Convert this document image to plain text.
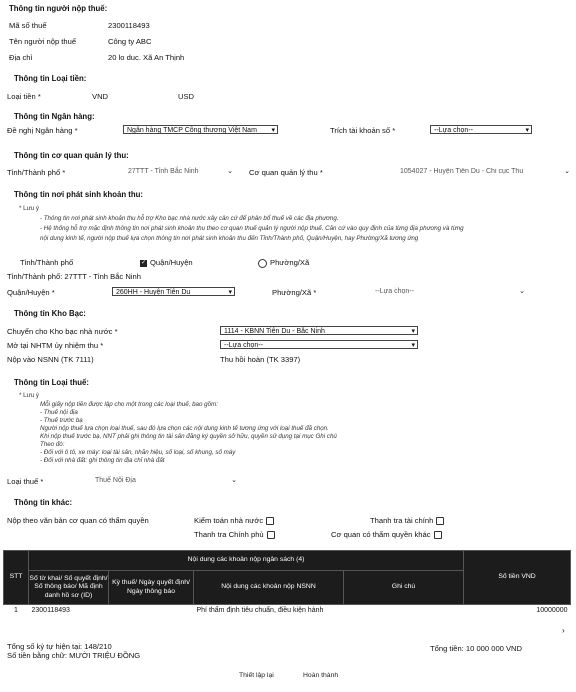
Thông tin người nộp thuế:
Mã số thuế	2300118493
Tên người nộp thuế	Công ty ABC
Địa chỉ	20 lo duc. Xã An Thịnh
Thông tin Loại tiền:
Loại tiền *	VND	USD
Thông tin Ngân hàng:
Đề nghị Ngân hàng *	Ngân hàng TMCP Công thương Việt Nam ▾	Trích tài khoản số *	--Lựa chọn--	▾
Thông tin cơ quan quản lý thu:
Tỉnh/Thành phố *	27TTT - Tỉnh Bắc Ninh	⌄ Cơ quan quản lý thu *	1054027 - Huyện Tiên Du - Chi cục Thu	⌄
Thông tin nơi phát sinh khoản thu:
* Lưu ý
- Thông tin nơi phát sinh khoản thu hỗ trợ Kho bạc nhà nước xây cân cứ để phân bổ thuế về các địa phương.
- Hệ thống hỗ trợ mặc định thông tin nơi phát sinh khoản thu theo cơ quan thuế quản lý người nộp thuế. Căn cứ vào quy định của từng địa phương và từng
nội dung kinh tế, người nộp thuế lựa chọn thông tin nơi phát sinh khoản thu đến Tỉnh/Thành phố, Quận/Huyện, hay Phường/Xã tương ứng
Tỉnh/Thành phố	✓ Quận/Huyện	Phường/Xã
Tỉnh/Thành phố: 27TTT - Tỉnh Bắc Ninh
Quận/Huyện *	260HH - Huyện Tiên Du	▾	Phường/Xã *	--Lựa chọn--	⌄
Thông tin Kho Bạc:
Chuyển cho Kho bạc nhà nước *	1114 - KBNN Tiên Du - Bắc Ninh	▾
Mở tại NHTM ủy nhiệm thu *	--Lựa chọn--	▾
Nộp vào NSNN (TK 7111)	Thu hồi hoàn (TK 3397)
Thông tin Loại thuế:
* Lưu ý
Mỗi giấy nộp tiền được lập cho một trong các loại thuế, bao gồm:
- Thuế nội địa
- Thuế trước bạ
Người nộp thuế lựa chọn loại thuế, sau đó lựa chọn các nội dung kinh tế tương ứng với loại thuế đã chọn.
Khi nộp thuế trước bạ, NNT phải ghi thông tin tài sản đăng ký quyền sở hữu, quyền sử dụng tại mục Ghi chú
Theo đó:
- Đối với ô tô, xe máy: loại tài sản, nhãn hiệu, số loại, số khung, số máy
- Đối với nhà đất: ghi thông tin địa chỉ nhà đất
Loại thuế *	Thuế Nội Địa	⌄
Thông tin khác:
Nộp theo văn bản cơ quan có thẩm quyền	Kiểm toán nhà nước	Thanh tra tài chính
Thanh tra Chính phủ	Cơ quan có thẩm quyền khác
STT	Nội dung các khoản nộp ngân sách (4)				Số tiền VND
	Số tờ khai/ Số quyết định/ Số thông báo/ Mã định danh hồ sơ (ID)	Kỳ thuế/ Ngày quyết định/ Ngày thông báo	Nội dung các khoản nộp NSNN	Ghi chú	
1	2300118493		Phí thẩm định tiêu chuẩn, điều kiện hành		10000000
›
Tổng số ký tự hiện tại: 148/210
Số tiền bằng chữ: MƯỜI TRIỆU ĐỒNG
Tổng tiền: 10 000 000 VND
Thiết lập lại	Hoàn thành
